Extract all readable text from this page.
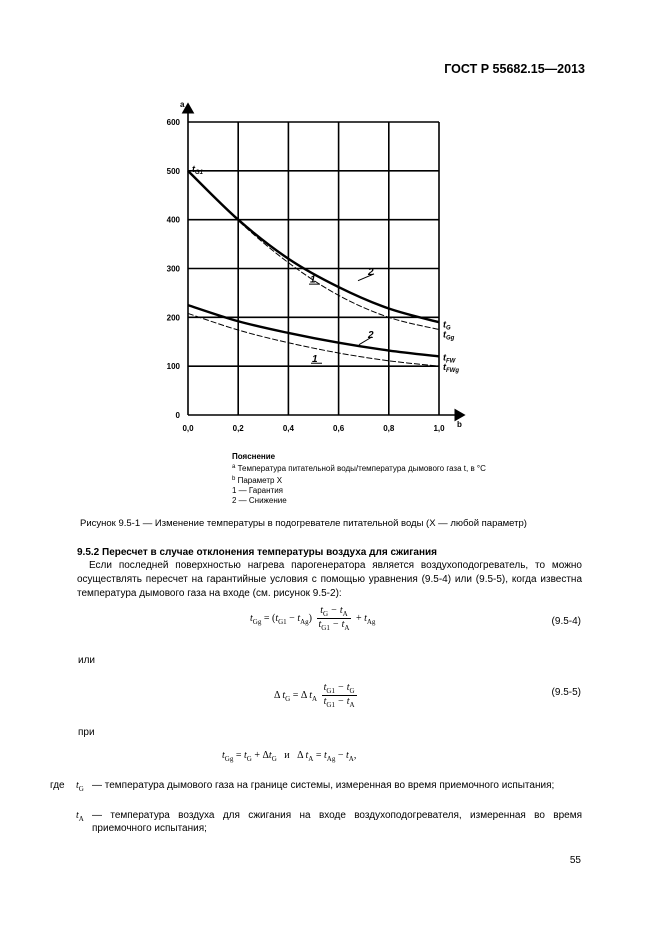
ГОСТ Р 55682.15—2013
0,0	0,2	0,4	0,6	0,8	1,0
0
100
200
300
400
500
600
a
b
$t_{G1}$
$t_G$
$t_{Gg}$
$t_{FW}$
$t_{FWg}$
1
2
1
2
Пояснение
$^a$ Температура питательной воды/температура дымового газа t, в °C
$^b$ Параметр X
1 — Гарантия
2 — Снижение
Рисунок 9.5-1 — Изменение температуры в подогревателе питательной воды (X — любой параметр)
9.5.2 Пересчет в случае отклонения температуры воздуха для сжигания
Если последней поверхностью нагрева парогенератора является воздухоподогреватель, то можно осуществлять пересчет на гарантийные условия с помощью уравнения (9.5-4) или (9.5-5), когда известна температура дымового газа на входе (см. рисунок 9.5-2):
$t_{Gg} = (t_{G1} - t_{Ag}) \frac{t_G - t_A}{t_{G1} - t_A} + t_{Ag}$	(9.5-4)
или
Δ $t_G = \Delta$ $t_A \frac{t_{G1} - t_G}{t_{G1} - t_A}$	(9.5-5)
при
$t_{Gg} = t_G + \Delta t_G$ и   Δ $t_A = t_{Ag} - t_A$,
где $t_G$ — температура дымового газа на границе системы, измеренная во время приемочного испытания;
$t_A$ — температура воздуха для сжигания на входе воздухоподогревателя, измеренная во время приемочного испытания;
55
